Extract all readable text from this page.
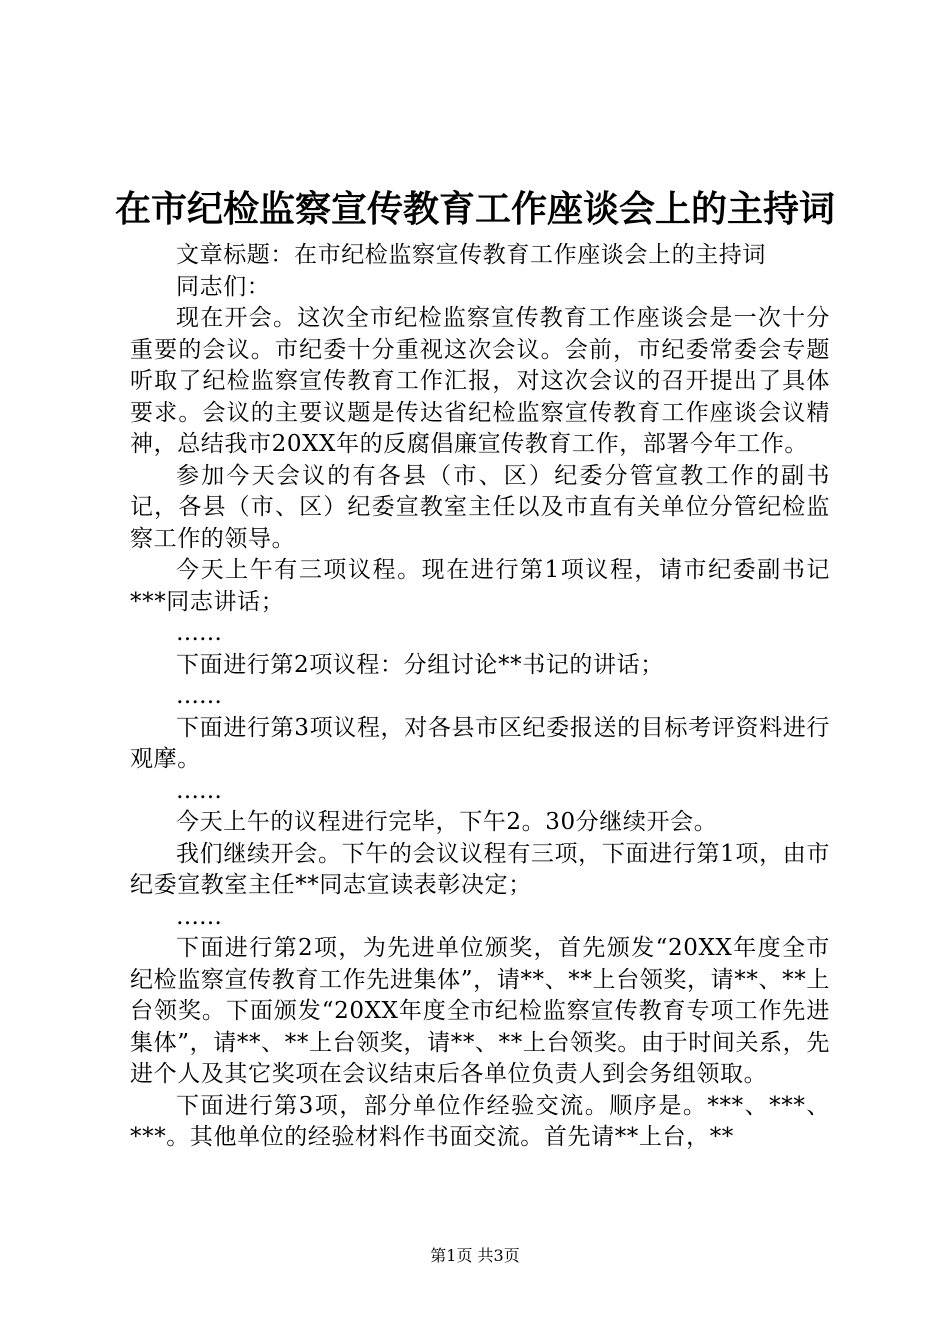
在市纪检监察宣传教育工作座谈会上的主持词

文章标题：在市纪检监察宣传教育工作座谈会上的主持词

同志们：

现在开会。这次全市纪检监察宣传教育工作座谈会是一次十分重要的会议。市纪委十分重视这次会议。会前，市纪委常委会专题听取了纪检监察宣传教育工作汇报，对这次会议的召开提出了具体要求。会议的主要议题是传达省纪检监察宣传教育工作座谈会议精神，总结我市20XX年的反腐倡廉宣传教育工作，部署今年工作。

参加今天会议的有各县（市、区）纪委分管宣教工作的副书记，各县（市、区）纪委宣教室主任以及市直有关单位分管纪检监察工作的领导。

今天上午有三项议程。现在进行第1项议程，请市纪委副书记***同志讲话；

……

下面进行第2项议程：分组讨论**书记的讲话；

……

下面进行第3项议程，对各县市区纪委报送的目标考评资料进行观摩。

……

今天上午的议程进行完毕，下午2。30分继续开会。

我们继续开会。下午的会议议程有三项，下面进行第1项，由市纪委宣教室主任**同志宣读表彰决定；

……

下面进行第2项，为先进单位颁奖，首先颁发“20XX年度全市纪检监察宣传教育工作先进集体”，请**、**上台领奖，请**、**上台领奖。下面颁发“20XX年度全市纪检监察宣传教育专项工作先进集体”，请**、**上台领奖，请**、**上台领奖。由于时间关系，先进个人及其它奖项在会议结束后各单位负责人到会务组领取。

下面进行第3项，部分单位作经验交流。顺序是。***、***、***。其他单位的经验材料作书面交流。首先请**上台，**

第1页 共3页
